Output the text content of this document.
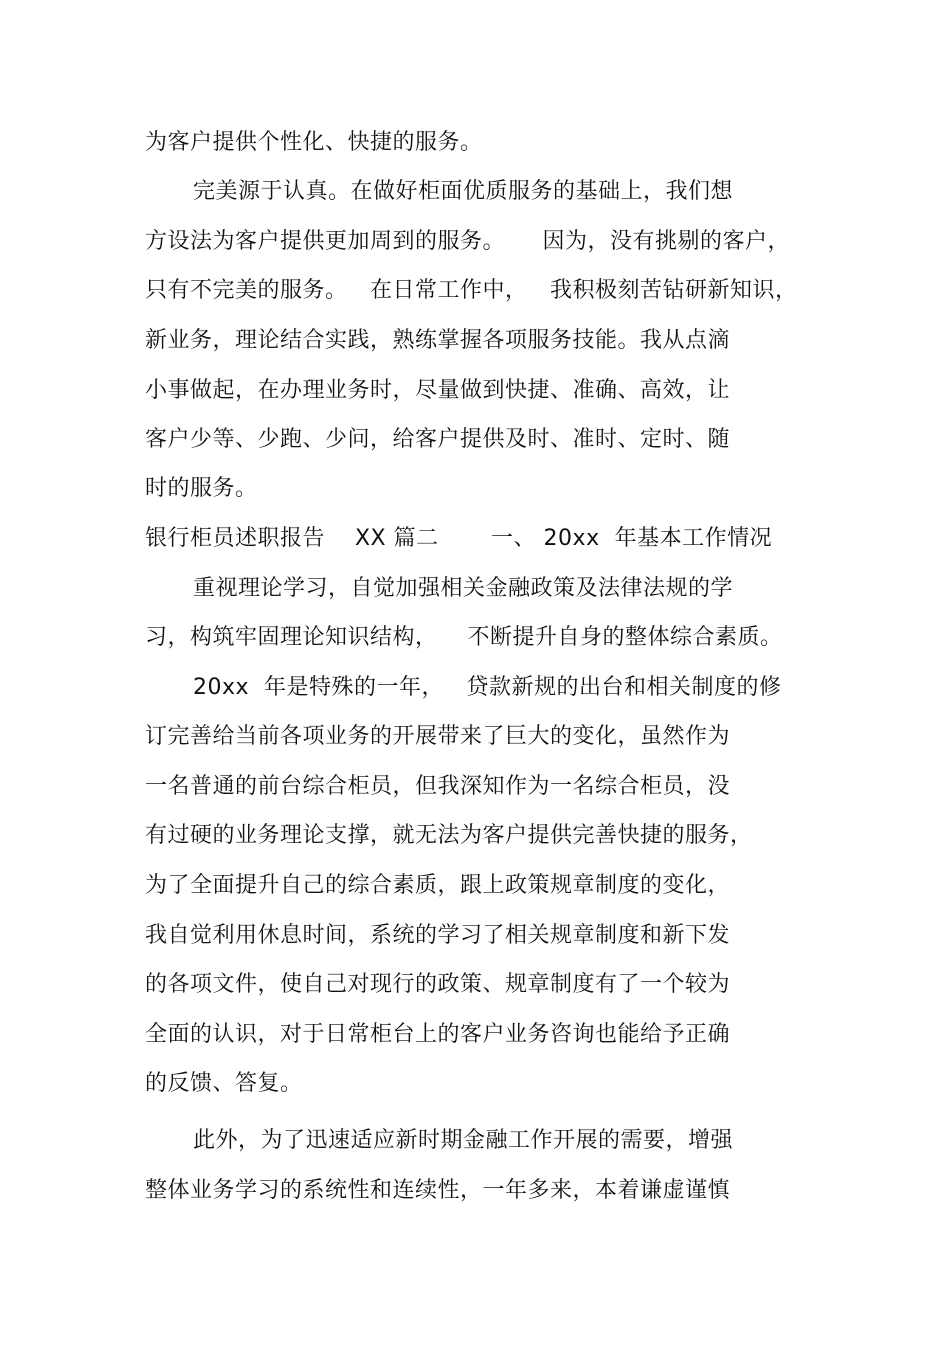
为客户提供个性化、快捷的服务。
完美源于认真。在做好柜面优质服务的基础上，我们想
方设法为客户提供更加周到的服务。     因为，没有挑剔的客户，
只有不完美的服务。   在日常工作中，   我积极刻苦钻研新知识，
新业务，理论结合实践，熟练掌握各项服务技能。我从点滴
小事做起，在办理业务时，尽量做到快捷、准确、高效，让
客户少等、少跑、少问，给客户提供及时、准时、定时、随
时的服务。
银行柜员述职报告    XX 篇二       一、 20xx  年基本工作情况
重视理论学习，自觉加强相关金融政策及法律法规的学
习，构筑牢固理论知识结构，    不断提升自身的整体综合素质。
20xx  年是特殊的一年，   贷款新规的出台和相关制度的修
订完善给当前各项业务的开展带来了巨大的变化，虽然作为
一名普通的前台综合柜员，但我深知作为一名综合柜员，没
有过硬的业务理论支撑，就无法为客户提供完善快捷的服务，
为了全面提升自己的综合素质，跟上政策规章制度的变化，
我自觉利用休息时间，系统的学习了相关规章制度和新下发
的各项文件，使自己对现行的政策、规章制度有了一个较为
全面的认识，对于日常柜台上的客户业务咨询也能给予正确
的反馈、答复。
此外，为了迅速适应新时期金融工作开展的需要，增强
整体业务学习的系统性和连续性，一年多来，本着谦虚谨慎
